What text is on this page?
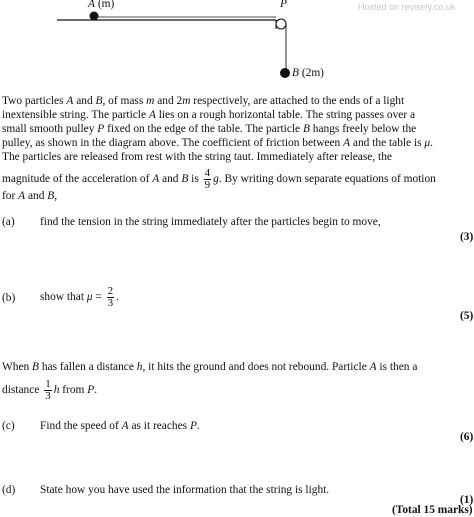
Hosted on revisely.co.uk
A (m)	P
B (2m)
Two particles A and B, of mass m and 2m respectively, are attached to the ends of a light
inextensible string. The particle A lies on a rough horizontal table. The string passes over a
small smooth pulley P fixed on the edge of the table. The particle B hangs freely below the
pulley, as shown in the diagram above. The coefficient of friction between A and the table is μ.
The particles are released from rest with the string taut. Immediately after release, the
magnitude of the acceleration of A and B is $\frac{4}{9} g$. By writing down separate equations of motion
for A and B,
(a) find the tension in the string immediately after the particles begin to move,
(3)
(b) show that $\mu = \frac{2}{3}$ .
(5)
When B has fallen a distance h, it hits the ground and does not rebound. Particle A is then a
distance $\frac{1}{3}$ h from P.
(c) Find the speed of A as it reaches P.
(6)
(d) State how you have used the information that the string is light.
(1)
(Total 15 marks)
